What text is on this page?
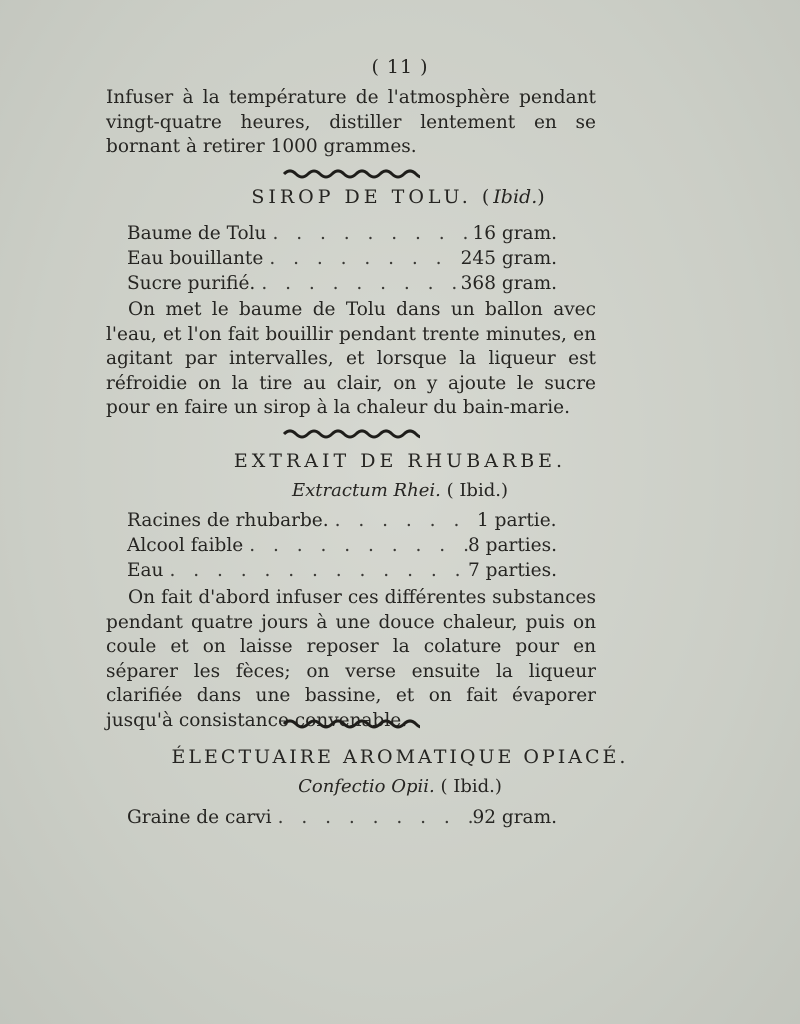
( 11 )

Infuser à la température de l'atmosphère pendant vingt-quatre heures, distiller lentement en se bornant à retirer 1000 grammes.

SIROP DE TOLU. (Ibid.)
Baume de Tolu . . .	16 gram.
Eau bouillante . . .	245 gram.
Sucre purifié. . . .	368 gram.

On met le baume de Tolu dans un ballon avec l'eau, et l'on fait bouillir pendant trente minutes, en agitant par intervalles, et lorsque la liqueur est réfroidie on la tire au clair, on y ajoute le sucre pour en faire un sirop à la chaleur du bain-marie.

EXTRAIT DE RHUBARBE.
Extractum Rhei. ( Ibid.)
Racines de rhubarbe. . . .	1 partie.
Alcool faible . . .	8 parties.
Eau . . .	7 parties.

On fait d'abord infuser ces différentes substances pendant quatre jours à une douce chaleur, puis on coule et on laisse reposer la colature pour en séparer les fèces; on verse ensuite la liqueur clarifiée dans une bassine, et on fait évaporer jusqu'à consistance convenable.

ÉLECTUAIRE AROMATIQUE OPIACÉ.
Confectio Opii. ( Ibid.)
Graine de carvi . . .	92 gram.
